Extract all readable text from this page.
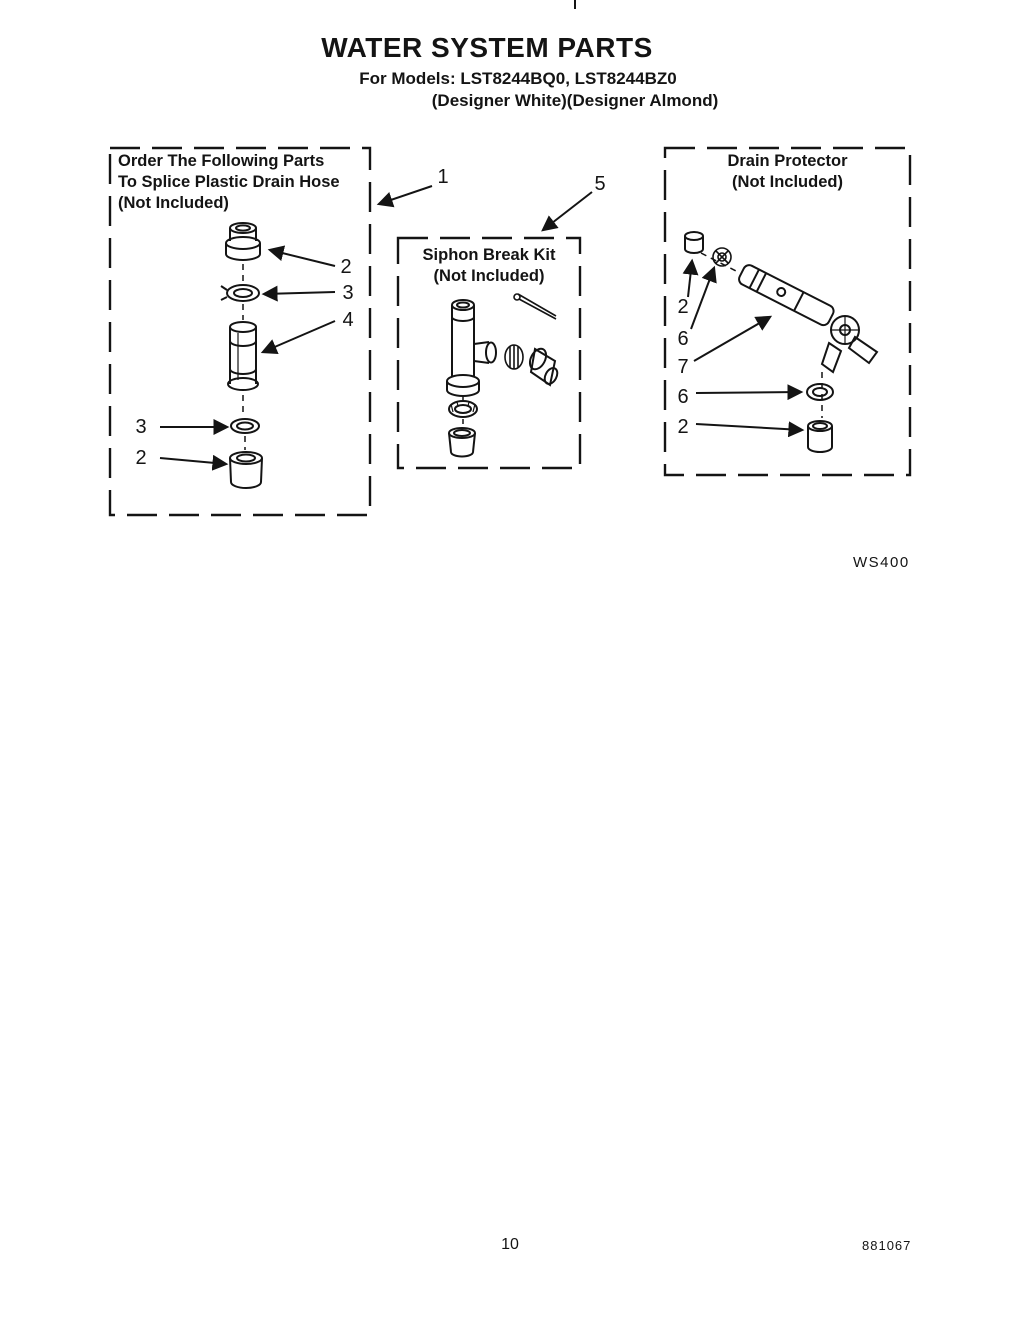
WATER SYSTEM PARTS
For Models: LST8244BQ0, LST8244BZ0
(Designer White)(Designer Almond)
Order The Following Parts
To Splice Plastic Drain Hose
(Not Included)
Siphon Break Kit
(Not Included)
Drain Protector
(Not Included)
1
2
3
4
3
2
5
2
6
7
6
2
WS400
10	881067
